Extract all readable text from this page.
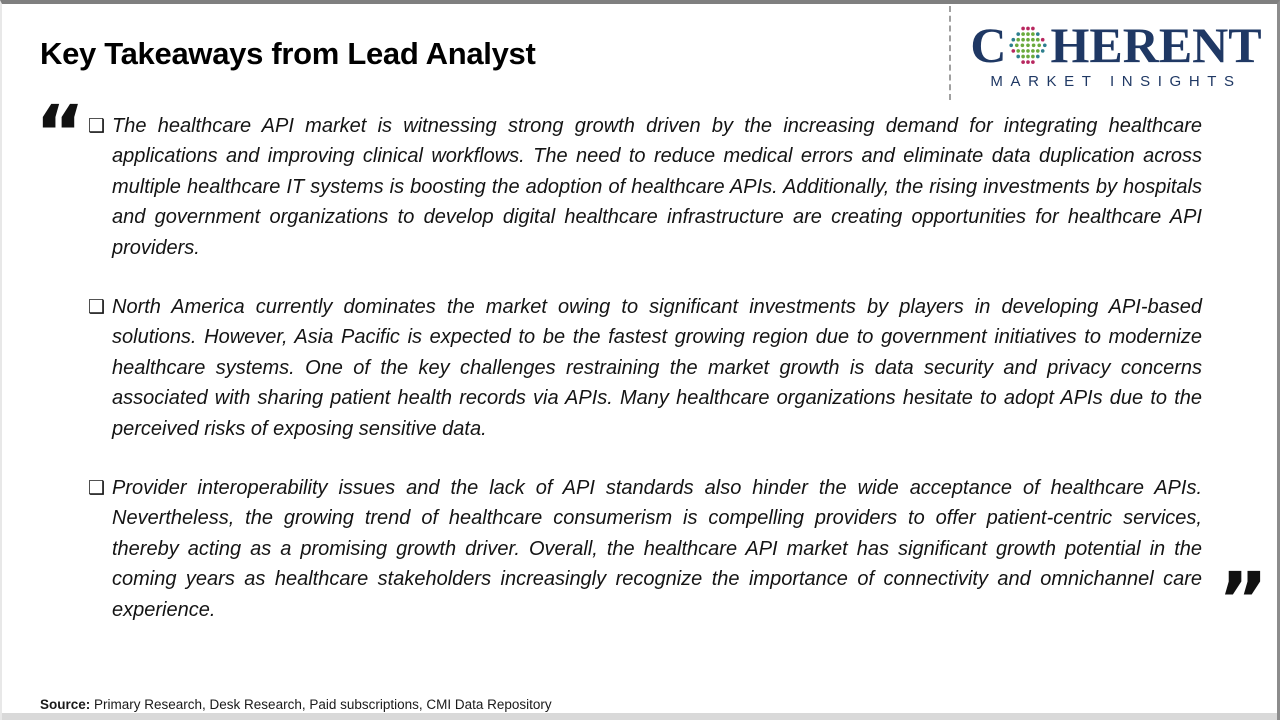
Key Takeaways from Lead Analyst	C HERENT
MARKET INSIGHTS
“ ❑ The healthcare API market is witnessing strong growth driven by the increasing demand for integrating healthcare applications and improving clinical workflows. The need to reduce medical errors and eliminate data duplication across multiple healthcare IT systems is boosting the adoption of healthcare APIs. Additionally, the rising investments by hospitals and government organizations to develop digital healthcare infrastructure are creating opportunities for healthcare API providers.
❑ North America currently dominates the market owing to significant investments by players in developing API-based solutions. However, Asia Pacific is expected to be the fastest growing region due to government initiatives to modernize healthcare systems. One of the key challenges restraining the market growth is data security and privacy concerns associated with sharing patient health records via APIs. Many healthcare organizations hesitate to adopt APIs due to the perceived risks of exposing sensitive data.
❑ Provider interoperability issues and the lack of API standards also hinder the wide acceptance of healthcare APIs. Nevertheless, the growing trend of healthcare consumerism is compelling providers to offer patient-centric services, thereby acting as a promising growth driver. Overall, the healthcare API market has significant growth potential in the coming years as healthcare stakeholders increasingly recognize the importance of connectivity and omnichannel care experience.	”
Source: Primary Research, Desk Research, Paid subscriptions, CMI Data Repository
